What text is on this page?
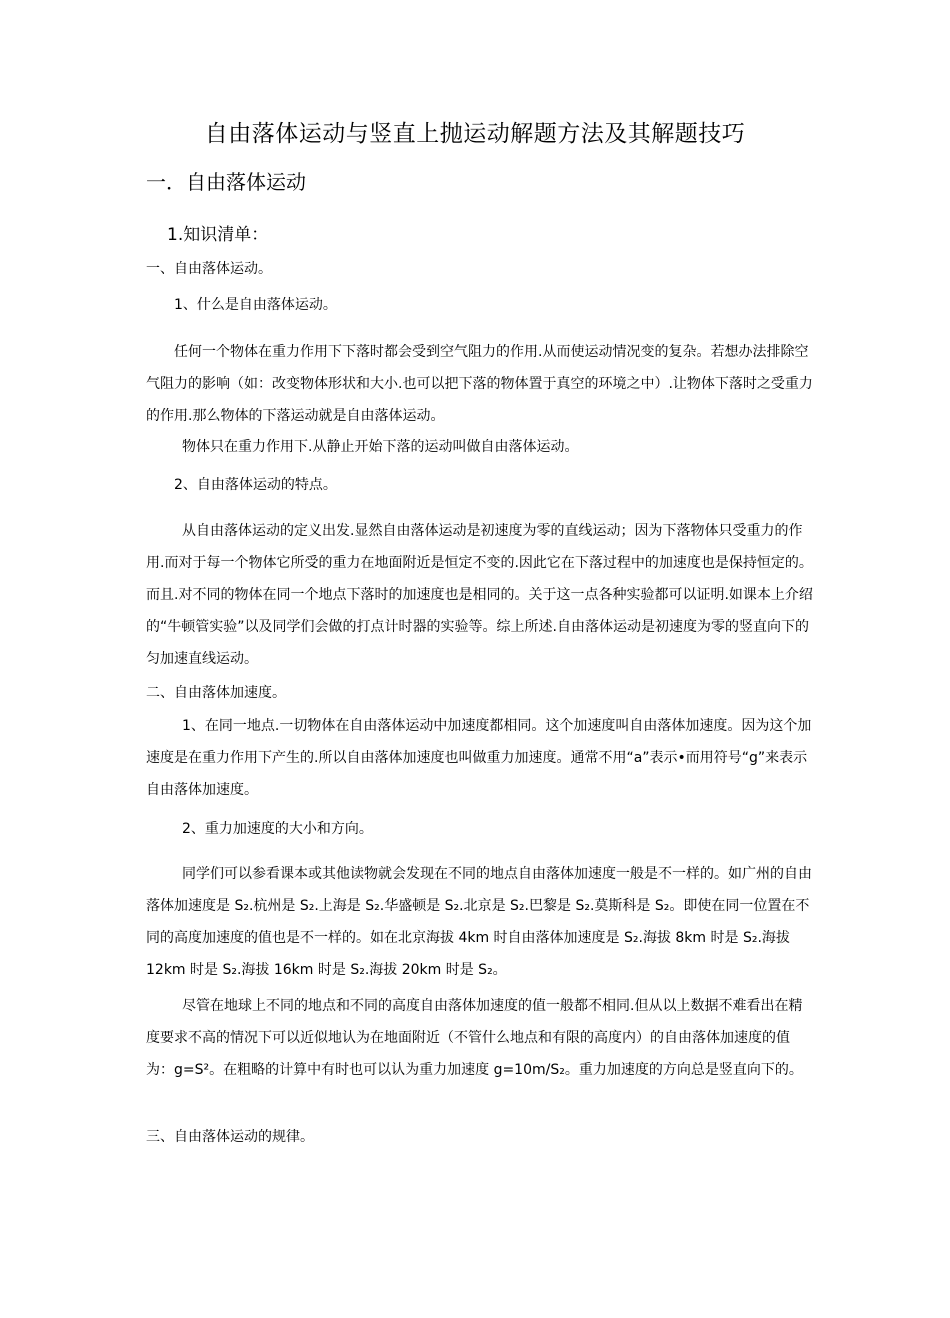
自由落体运动与竖直上抛运动解题方法及其解题技巧
一．自由落体运动
1.知识清单：
一、自由落体运动。
1、什么是自由落体运动。
任何一个物体在重力作用下下落时都会受到空气阻力的作用.从而使运动情况变的复杂。若想办法排除空气阻力的影响（如：改变物体形状和大小.也可以把下落的物体置于真空的环境之中）.让物体下落时之受重力的作用.那么物体的下落运动就是自由落体运动。
物体只在重力作用下.从静止开始下落的运动叫做自由落体运动。
2、自由落体运动的特点。
从自由落体运动的定义出发.显然自由落体运动是初速度为零的直线运动；因为下落物体只受重力的作用.而对于每一个物体它所受的重力在地面附近是恒定不变的.因此它在下落过程中的加速度也是保持恒定的。而且.对不同的物体在同一个地点下落时的加速度也是相同的。关于这一点各种实验都可以证明.如课本上介绍的“牛顿管实验”以及同学们会做的打点计时器的实验等。综上所述.自由落体运动是初速度为零的竖直向下的匀加速直线运动。
二、自由落体加速度。
1、在同一地点.一切物体在自由落体运动中加速度都相同。这个加速度叫自由落体加速度。因为这个加速度是在重力作用下产生的.所以自由落体加速度也叫做重力加速度。通常不用“a”表示•而用符号“g”来表示自由落体加速度。
2、重力加速度的大小和方向。
同学们可以参看课本或其他读物就会发现在不同的地点自由落体加速度一般是不一样的。如广州的自由落体加速度是 S₂.杭州是 S₂.上海是 S₂.华盛顿是 S₂.北京是 S₂.巴黎是 S₂.莫斯科是 S₂。即使在同一位置在不同的高度加速度的值也是不一样的。如在北京海拔 4km 时自由落体加速度是 S₂.海拔 8km 时是 S₂.海拔 12km 时是 S₂.海拔 16km 时是 S₂.海拔 20km 时是 S₂。
尽管在地球上不同的地点和不同的高度自由落体加速度的值一般都不相同.但从以上数据不难看出在精度要求不高的情况下可以近似地认为在地面附近（不管什么地点和有限的高度内）的自由落体加速度的值为：g=S²。在粗略的计算中有时也可以认为重力加速度 g=10m/S₂。重力加速度的方向总是竖直向下的。
三、自由落体运动的规律。
